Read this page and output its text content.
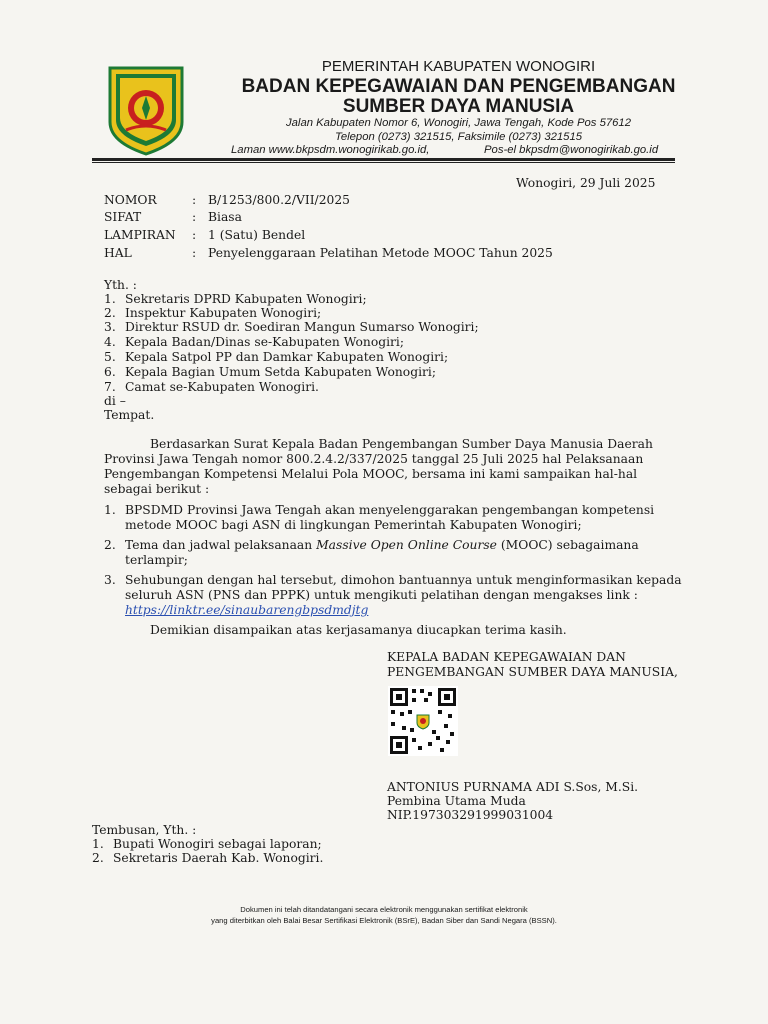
PEMERINTAH KABUPATEN WONOGIRI
BADAN KEPEGAWAIAN DAN PENGEMBANGAN
SUMBER DAYA MANUSIA
Jalan Kabupaten Nomor 6, Wonogiri, Jawa Tengah, Kode Pos 57612
Telepon (0273) 321515, Faksimile (0273) 321515
Laman www.bkpsdm.wonogirikab.go.id,	Pos-el bkpsdm@wonogirikab.go.id
Wonogiri, 29 Juli 2025
NOMOR	: B/1253/800.2/VII/2025
SIFAT	: Biasa
LAMPIRAN : 1 (Satu) Bendel
HAL	: Penyelenggaraan Pelatihan Metode MOOC Tahun 2025
Yth. :
1. Sekretaris DPRD Kabupaten Wonogiri;
2. Inspektur Kabupaten Wonogiri;
3. Direktur RSUD dr. Soediran Mangun Sumarso Wonogiri;
4. Kepala Badan/Dinas se-Kabupaten Wonogiri;
5. Kepala Satpol PP dan Damkar Kabupaten Wonogiri;
6. Kepala Bagian Umum Setda Kabupaten Wonogiri;
7. Camat se-Kabupaten Wonogiri.
di –
Tempat.
Berdasarkan Surat Kepala Badan Pengembangan Sumber Daya Manusia Daerah
Provinsi Jawa Tengah nomor 800.2.4.2/337/2025 tanggal 25 Juli 2025 hal Pelaksanaan
Pengembangan Kompetensi Melalui Pola MOOC, bersama ini kami sampaikan hal-hal
sebagai berikut :
1. BPSDMD Provinsi Jawa Tengah akan menyelenggarakan pengembangan kompetensi
metode MOOC bagi ASN di lingkungan Pemerintah Kabupaten Wonogiri;
2. Tema dan jadwal pelaksanaan Massive Open Online Course (MOOC) sebagaimana
terlampir;
3. Sehubungan dengan hal tersebut, dimohon bantuannya untuk menginformasikan kepada
seluruh ASN (PNS dan PPPK) untuk mengikuti pelatihan dengan mengakses link :
https://linktr.ee/sinaubarengbpsdmdjtg
Demikian disampaikan atas kerjasamanya diucapkan terima kasih.
KEPALA BADAN KEPEGAWAIAN DAN
PENGEMBANGAN SUMBER DAYA MANUSIA,
ANTONIUS PURNAMA ADI S.Sos, M.Si.
Pembina Utama Muda
NIP.197303291999031004
Tembusan, Yth. :
1. Bupati Wonogiri sebagai laporan;
2. Sekretaris Daerah Kab. Wonogiri.
Dokumen ini telah ditandatangani secara elektronik menggunakan sertifikat elektronik
yang diterbitkan oleh Balai Besar Sertifikasi Elektronik (BSrE), Badan Siber dan Sandi Negara (BSSN).
